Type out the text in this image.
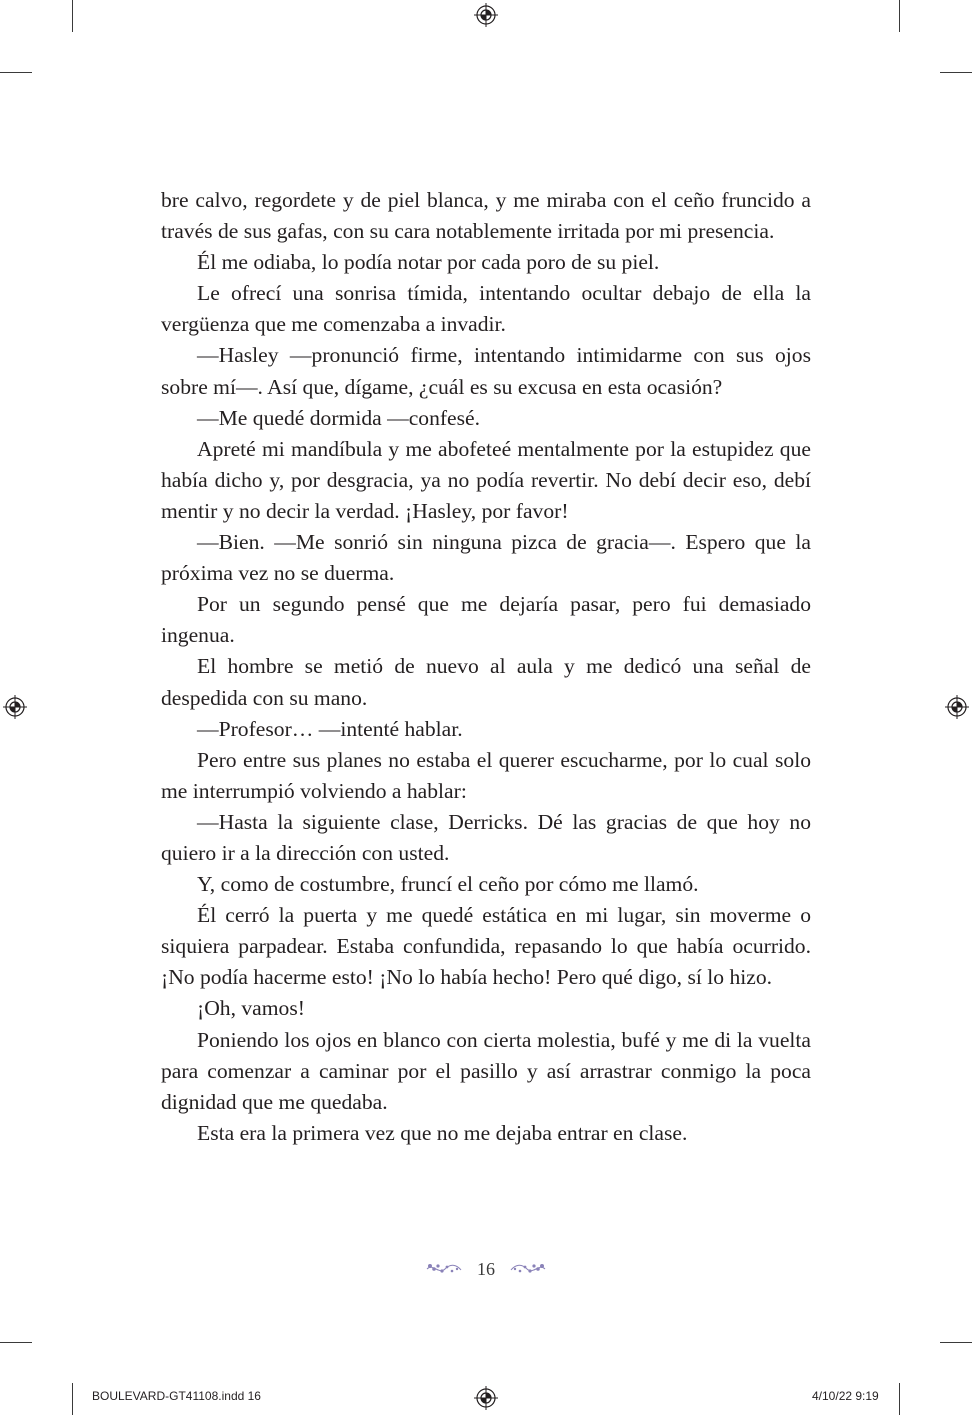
bre calvo, regordete y de piel blanca, y me miraba con el ceño fruncido a través de sus gafas, con su cara notablemente irritada por mi presencia.

Él me odiaba, lo podía notar por cada poro de su piel.

Le ofrecí una sonrisa tímida, intentando ocultar debajo de ella la vergüenza que me comenzaba a invadir.

—Hasley —pronunció firme, intentando intimidarme con sus ojos sobre mí—. Así que, dígame, ¿cuál es su excusa en esta ocasión?

—Me quedé dormida —confesé.

Apreté mi mandíbula y me abofeteé mentalmente por la estupidez que había dicho y, por desgracia, ya no podía revertir. No debí decir eso, debí mentir y no decir la verdad. ¡Hasley, por favor!

—Bien. —Me sonrió sin ninguna pizca de gracia—. Espero que la próxima vez no se duerma.

Por un segundo pensé que me dejaría pasar, pero fui demasiado ingenua.

El hombre se metió de nuevo al aula y me dedicó una señal de despedida con su mano.

—Profesor… —intenté hablar.

Pero entre sus planes no estaba el querer escucharme, por lo cual solo me interrumpió volviendo a hablar:

—Hasta la siguiente clase, Derricks. Dé las gracias de que hoy no quiero ir a la dirección con usted.

Y, como de costumbre, fruncí el ceño por cómo me llamó.

Él cerró la puerta y me quedé estática en mi lugar, sin moverme o siquiera parpadear. Estaba confundida, repasando lo que había ocurrido. ¡No podía hacerme esto! ¡No lo había hecho! Pero qué digo, sí lo hizo.

¡Oh, vamos!

Poniendo los ojos en blanco con cierta molestia, bufé y me di la vuelta para comenzar a caminar por el pasillo y así arrastrar conmigo la poca dignidad que me quedaba.

Esta era la primera vez que no me dejaba entrar en clase.

16
BOULEVARD-GT41108.indd 16	4/10/22 9:19
